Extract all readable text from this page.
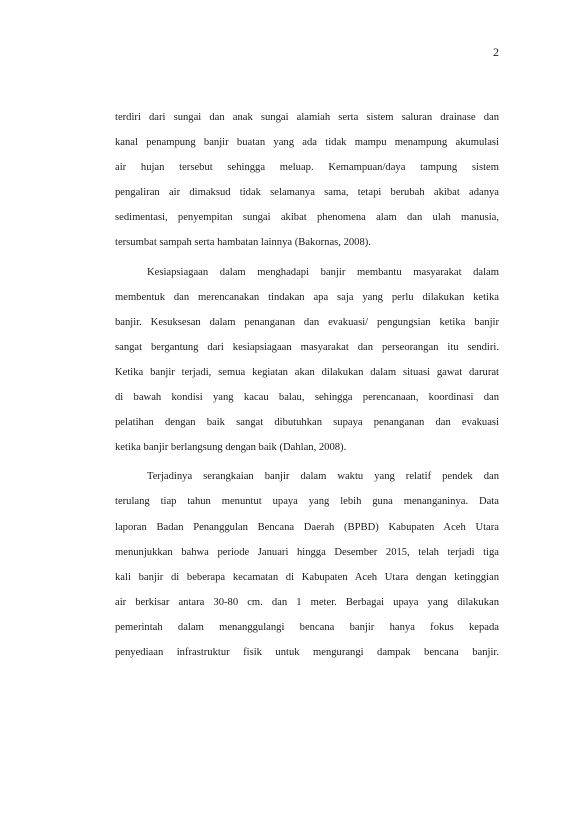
2
terdiri dari sungai dan anak sungai alamiah serta sistem saluran drainase dan
kanal penampung banjir buatan yang ada tidak mampu menampung akumulasi
air hujan tersebut sehingga meluap. Kemampuan/daya tampung sistem
pengaliran air dimaksud tidak selamanya sama, tetapi berubah akibat adanya
sedimentasi, penyempitan sungai akibat phenomena alam dan ulah manusia,
tersumbat sampah serta hambatan lainnya (Bakornas, 2008).
Kesiapsiagaan dalam menghadapi banjir membantu masyarakat dalam
membentuk dan merencanakan tindakan apa saja yang perlu dilakukan ketika
banjir. Kesuksesan dalam penanganan dan evakuasi/ pengungsian ketika banjir
sangat bergantung dari kesiapsiagaan masyarakat dan perseorangan itu sendiri.
Ketika banjir terjadi, semua kegiatan akan dilakukan dalam situasi gawat darurat
di bawah kondisi yang kacau balau, sehingga perencanaan, koordinasi dan
pelatihan dengan baik sangat dibutuhkan supaya penanganan dan evakuasi
ketika banjir berlangsung dengan baik (Dahlan, 2008).
Terjadinya serangkaian banjir dalam waktu yang relatif pendek dan
terulang tiap tahun menuntut upaya yang lebih guna menanganinya. Data
laporan Badan Penanggulan Bencana Daerah (BPBD) Kabupaten Aceh Utara
menunjukkan bahwa periode Januari hingga Desember 2015, telah terjadi tiga
kali banjir di beberapa kecamatan di Kabupaten Aceh Utara dengan ketinggian
air berkisar antara 30-80 cm. dan 1 meter. Berbagai upaya yang dilakukan
pemerintah dalam menanggulangi bencana banjir hanya fokus kepada
penyediaan infrastruktur fisik untuk mengurangi dampak bencana banjir.
